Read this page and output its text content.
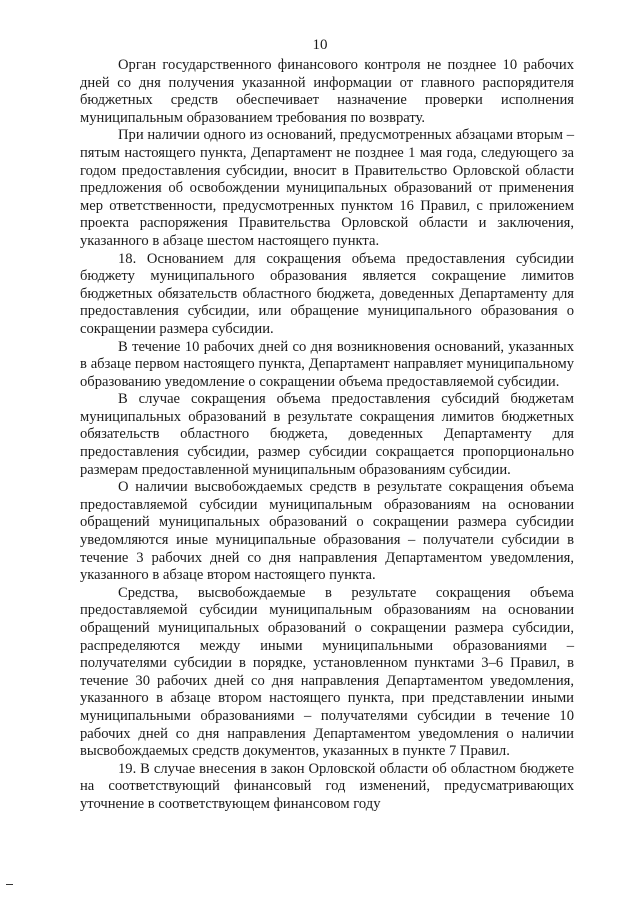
10

Орган государственного финансового контроля не позднее 10 рабочих дней со дня получения указанной информации от главного распорядителя бюджетных средств обеспечивает назначение проверки исполнения муниципальным образованием требования по возврату.

При наличии одного из оснований, предусмотренных абзацами вторым – пятым настоящего пункта, Департамент не позднее 1 мая года, следующего за годом предоставления субсидии, вносит в Правительство Орловской области предложения об освобождении муниципальных образований от применения мер ответственности, предусмотренных пунктом 16 Правил, с приложением проекта распоряжения Правительства Орловской области и заключения, указанного в абзаце шестом настоящего пункта.

18. Основанием для сокращения объема предоставления субсидии бюджету муниципального образования является сокращение лимитов бюджетных обязательств областного бюджета, доведенных Департаменту для предоставления субсидии, или обращение муниципального образования о сокращении размера субсидии.

В течение 10 рабочих дней со дня возникновения оснований, указанных в абзаце первом настоящего пункта, Департамент направляет муниципальному образованию уведомление о сокращении объема предоставляемой субсидии.

В случае сокращения объема предоставления субсидий бюджетам муниципальных образований в результате сокращения лимитов бюджетных обязательств областного бюджета, доведенных Департаменту для предоставления субсидии, размер субсидии сокращается пропорционально размерам предоставленной муниципальным образованиям субсидии.

О наличии высвобождаемых средств в результате сокращения объема предоставляемой субсидии муниципальным образованиям на основании обращений муниципальных образований о сокращении размера субсидии уведомляются иные муниципальные образования – получатели субсидии в течение 3 рабочих дней со дня направления Департаментом уведомления, указанного в абзаце втором настоящего пункта.

Средства, высвобождаемые в результате сокращения объема предоставляемой субсидии муниципальным образованиям на основании обращений муниципальных образований о сокращении размера субсидии, распределяются между иными муниципальными образованиями – получателями субсидии в порядке, установленном пунктами 3–6 Правил, в течение 30 рабочих дней со дня направления Департаментом уведомления, указанного в абзаце втором настоящего пункта, при представлении иными муниципальными образованиями – получателями субсидии в течение 10 рабочих дней со дня направления Департаментом уведомления о наличии высвобождаемых средств документов, указанных в пункте 7 Правил.

19. В случае внесения в закон Орловской области об областном бюджете на соответствующий финансовый год изменений, предусматривающих уточнение в соответствующем финансовом году
